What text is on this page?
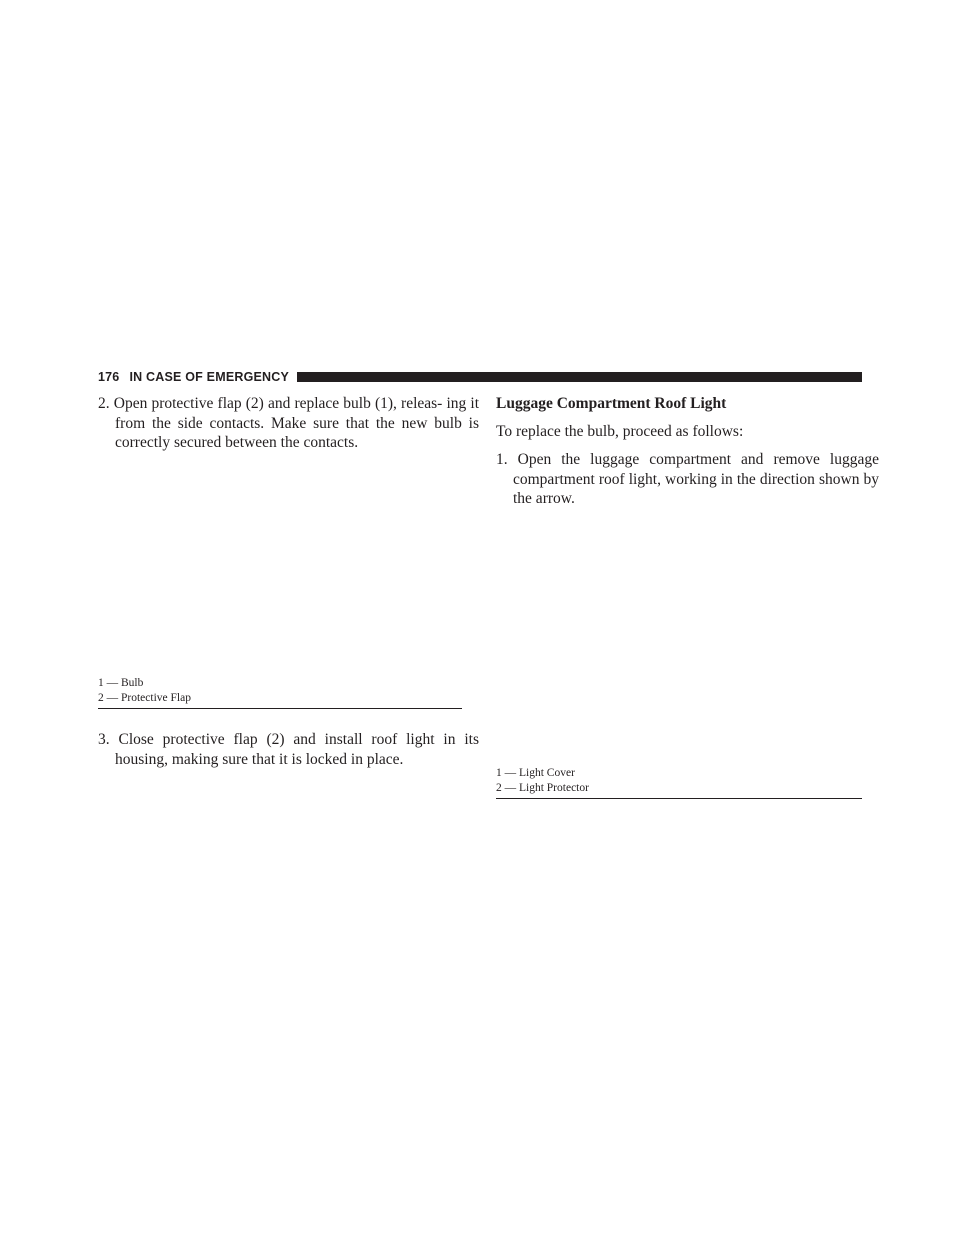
176 IN CASE OF EMERGENCY
2. Open protective flap (2) and replace bulb (1), releas- ing it from the side contacts. Make sure that the new bulb is correctly secured between the contacts.
1 — Bulb
2 — Protective Flap
3. Close protective flap (2) and install roof light in its housing, making sure that it is locked in place.
Luggage Compartment Roof Light
To replace the bulb, proceed as follows:
1. Open the luggage compartment and remove luggage compartment roof light, working in the direction shown by the arrow.
1 — Light Cover
2 — Light Protector
